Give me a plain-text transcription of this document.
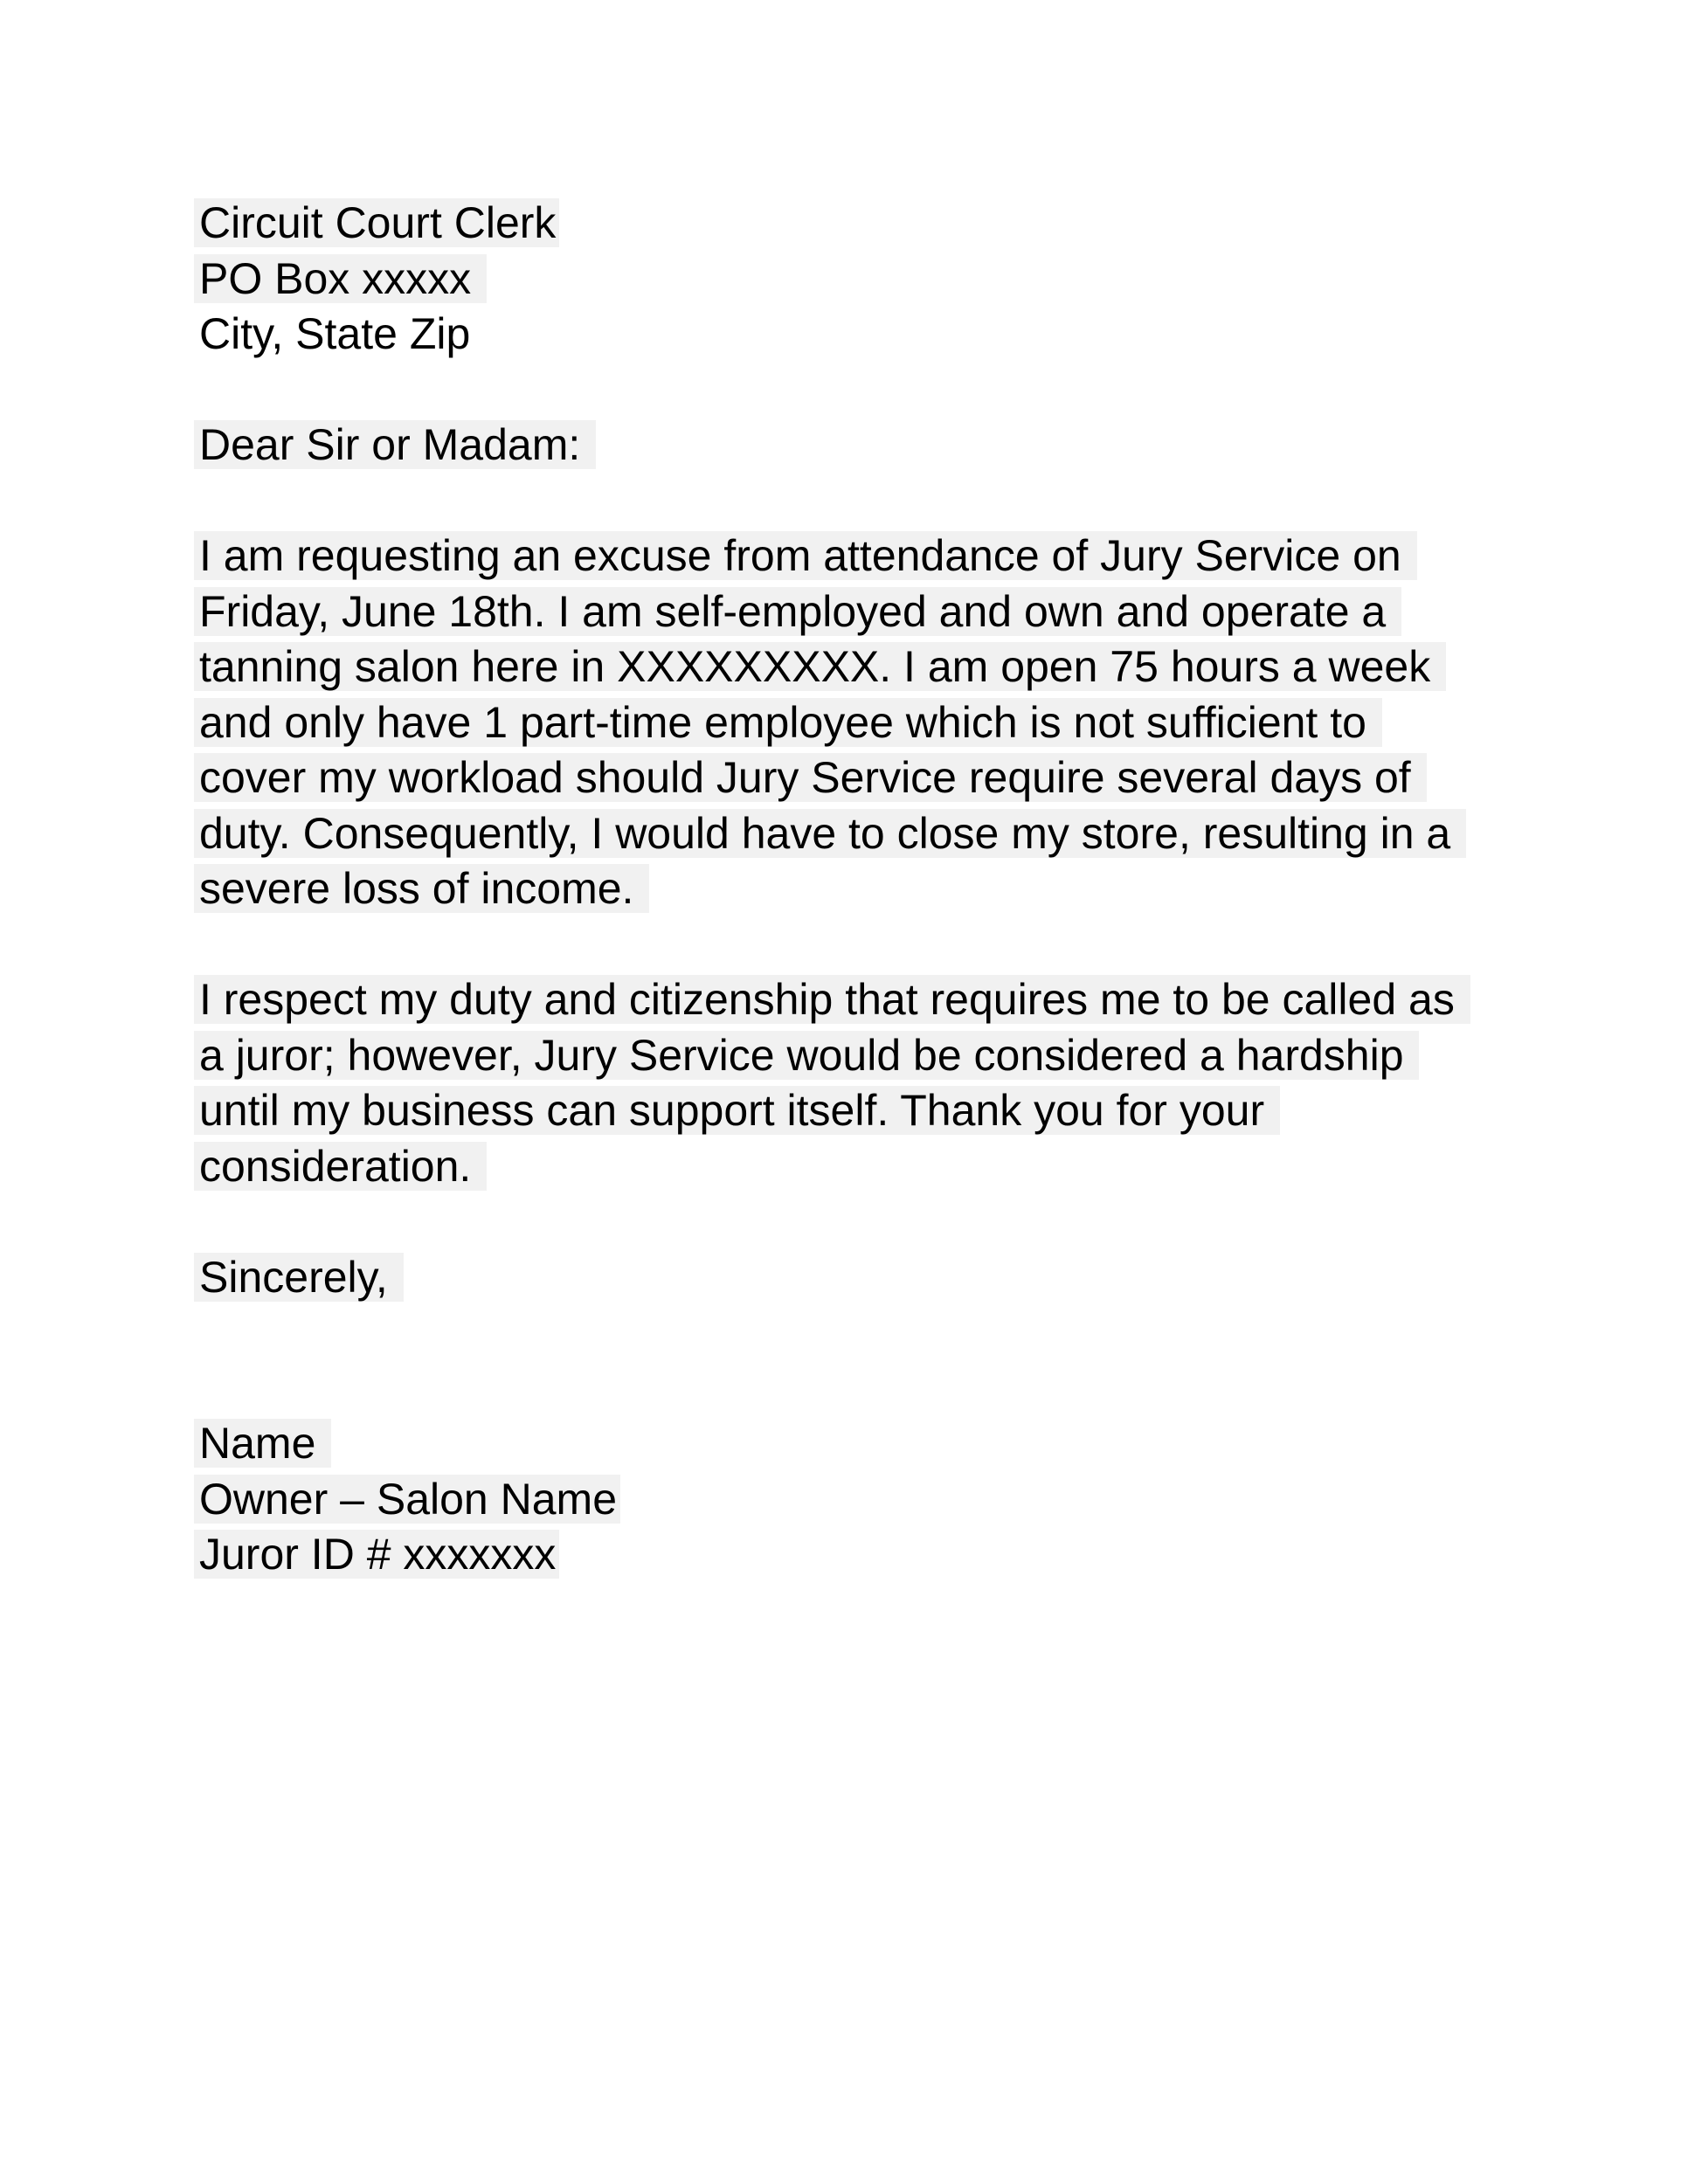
Circuit Court Clerk
PO Box xxxxx
City, State Zip
Dear Sir or Madam:
I am requesting an excuse from attendance of Jury Service on
Friday, June 18th. I am self-employed and own and operate a
tanning salon here in XXXXXXXXX. I am open 75 hours a week
and only have 1 part-time employee which is not sufficient to
cover my workload should Jury Service require several days of
duty. Consequently, I would have to close my store, resulting in a
severe loss of income.
I respect my duty and citizenship that requires me to be called as
a juror; however, Jury Service would be considered a hardship
until my business can support itself. Thank you for your
consideration.
Sincerely,
Name
Owner – Salon Name
Juror ID # xxxxxxx
